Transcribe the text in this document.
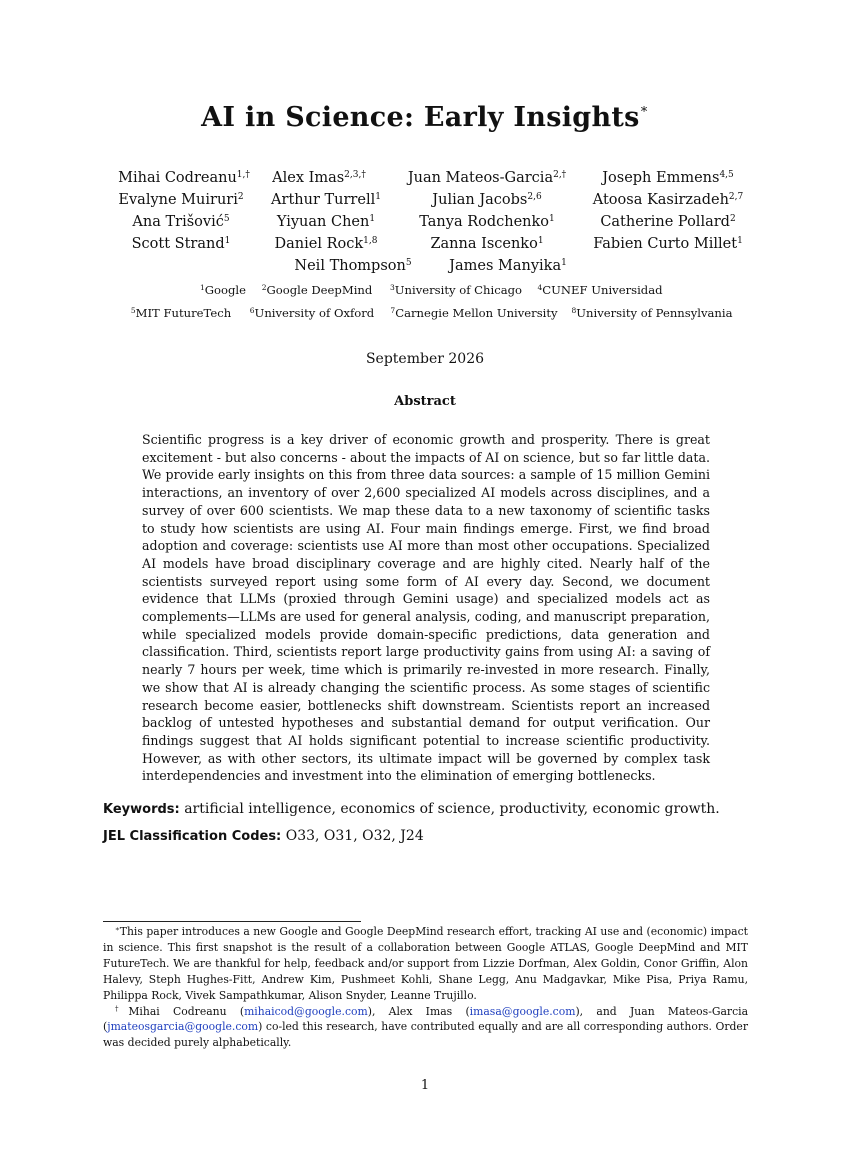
AI in Science: Early Insights∗
Mihai Codreanu$^{1,\dagger}$ Alex Imas$^{2,3,\dagger}$	Juan Mateos-Garcia$^{2,\dagger}$ Joseph Emmens$^{4,5}$
Evalyne Muiruri$^2$ Arthur Turrell$^1$	Julian Jacobs$^{2,6}$	Atoosa Kasirzadeh$^{2,7}$
Ana Trišović$^5$	Yiyuan Chen$^1$	Tanya Rodchenko$^1$	Catherine Pollard$^2$
Scott Strand$^1$	Daniel Rock$^{1,8}$	Zanna Iscenko$^1$	Fabien Curto Millet$^1$
Neil Thompson$^5$	James Manyika$^1$
$^1$Google $^2$Google DeepMind $^3$University of Chicago $^4$CUNEF Universidad
$^5$MIT FutureTech $^6$University of Oxford $^7$Carnegie Mellon University $^8$University of Pennsylvania
September 2026
Abstract
Scientific progress is a key driver of economic growth and prosperity. There is great excitement - but also concerns - about the impacts of AI on science, but so far little data. We provide early insights on this from three data sources: a sample of 15 million Gemini interactions, an inventory of over 2,600 specialized AI models across disciplines, and a survey of over 600 scientists. We map these data to a new taxonomy of scientific tasks to study how scientists are using AI. Four main findings emerge. First, we find broad adoption and coverage: scientists use AI more than most other occupations. Specialized AI models have broad disciplinary coverage and are highly cited. Nearly half of the scientists surveyed report using some form of AI every day. Second, we document evidence that LLMs (proxied through Gemini usage) and specialized models act as complements—LLMs are used for general analysis, coding, and manuscript preparation, while specialized models provide domain-specific predictions, data generation and classification. Third, scientists report large productivity gains from using AI: a saving of nearly 7 hours per week, time which is primarily re-invested in more research. Finally, we show that AI is already changing the scientific process. As some stages of scientific research become easier, bottlenecks shift downstream. Scientists report an increased backlog of untested hypotheses and substantial demand for output verification. Our findings suggest that AI holds significant potential to increase scientific productivity. However, as with other sectors, its ultimate impact will be governed by complex task interdependencies and investment into the elimination of emerging bottlenecks.
Keywords: artificial intelligence, economics of science, productivity, economic growth.
JEL Classification Codes: O33, O31, O32, J24

∗This paper introduces a new Google and Google DeepMind research effort, tracking AI use and (economic) impact in science. This first snapshot is the result of a collaboration between Google ATLAS, Google DeepMind and MIT FutureTech. We are thankful for help, feedback and/or support from Lizzie Dorfman, Alex Goldin, Conor Griffin, Alon Halevy, Steph Hughes-Fitt, Andrew Kim, Pushmeet Kohli, Shane Legg, Anu Madgavkar, Mike Pisa, Priya Ramu, Philippa Rock, Vivek Sampathkumar, Alison Snyder, Leanne Trujillo.

†Mihai Codreanu (mihaicod@google.com), Alex Imas (imasa@google.com), and Juan Mateos-Garcia (jmateosgarcia@google.com) co-led this research, have contributed equally and are all corresponding authors. Order was decided purely alphabetically.

1
